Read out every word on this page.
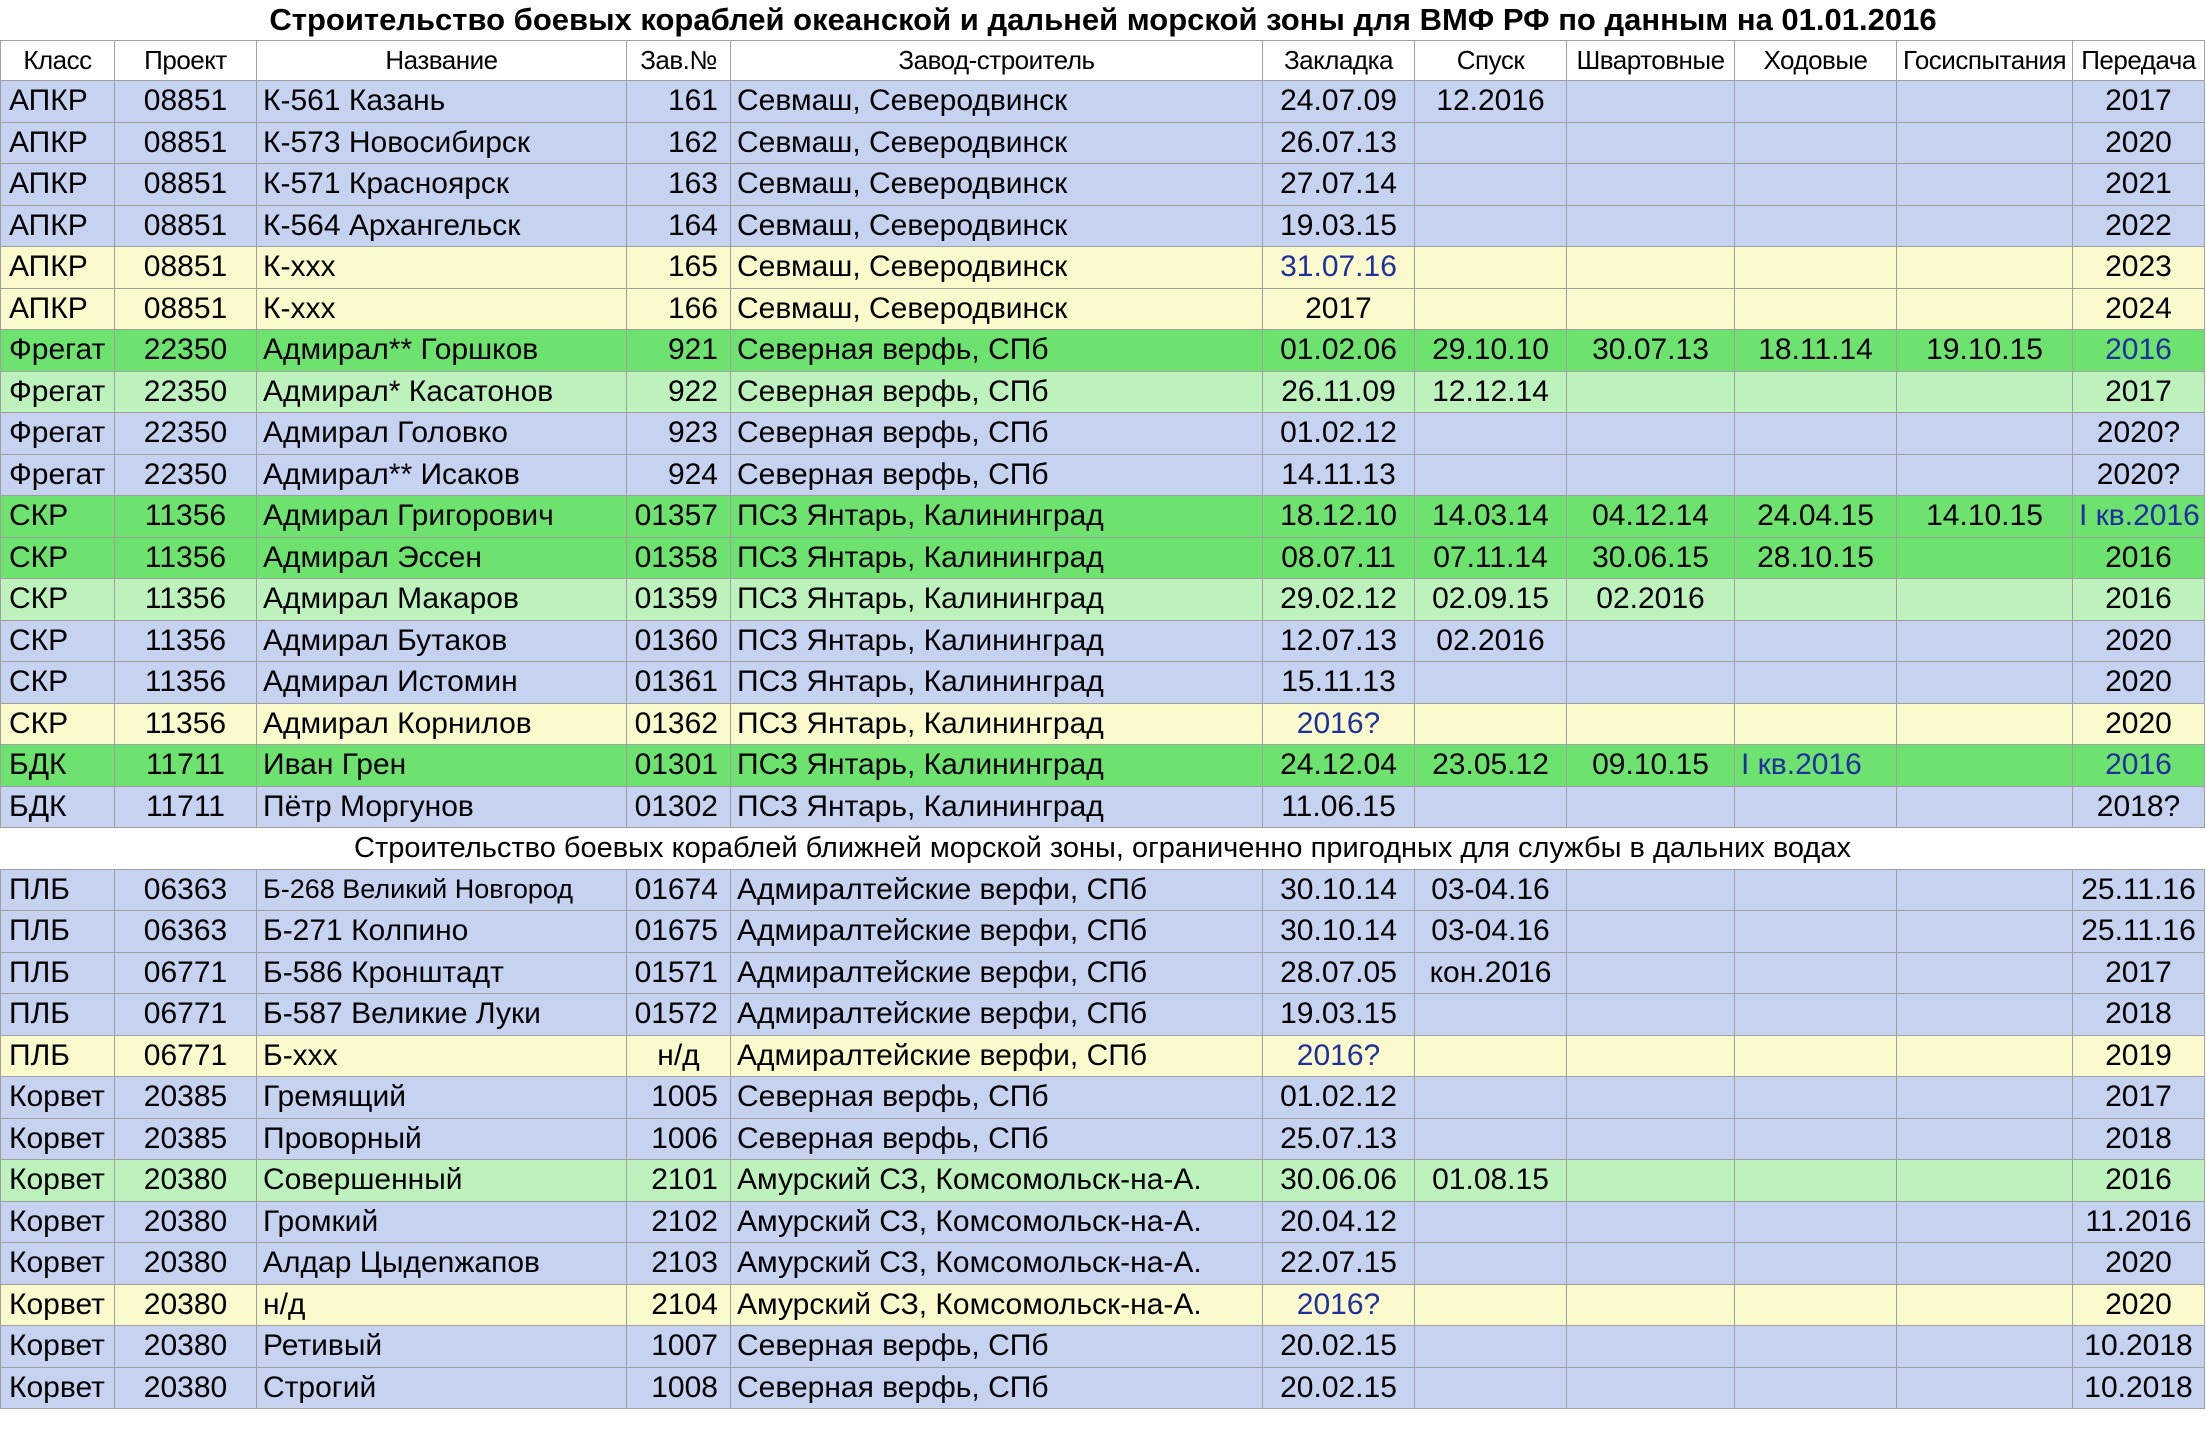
Строительство боевых кораблей океанской и дальней морской зоны для ВМФ РФ по данным на 01.01.2016
Класс	Проект	Название	Зав.№	Завод-строитель	Закладка	Спуск	Швартовные	Ходовые	Госиспытания	Передача
АПКР	08851	К-561 Казань	161	Севмаш, Северодвинск	24.07.09	12.2016				2017
АПКР	08851	К-573 Новосибирск	162	Севмаш, Северодвинск	26.07.13					2020
АПКР	08851	К-571 Красноярск	163	Севмаш, Северодвинск	27.07.14					2021
АПКР	08851	К-564 Архангельск	164	Севмаш, Северодвинск	19.03.15					2022
АПКР	08851	К-ххх	165	Севмаш, Северодвинск	31.07.16					2023
АПКР	08851	К-ххх	166	Севмаш, Северодвинск	2017					2024
Фрегат	22350	Адмирал** Горшков	921	Северная верфь, СПб	01.02.06	29.10.10	30.07.13	18.11.14	19.10.15	2016
Фрегат	22350	Адмирал* Касатонов	922	Северная верфь, СПб	26.11.09	12.12.14				2017
Фрегат	22350	Адмирал Головко	923	Северная верфь, СПб	01.02.12					2020?
Фрегат	22350	Адмирал** Исаков	924	Северная верфь, СПб	14.11.13					2020?
СКР	11356	Адмирал Григорович	01357	ПСЗ Янтарь, Калининград	18.12.10	14.03.14	04.12.14	24.04.15	14.10.15	I кв.2016
СКР	11356	Адмирал Эссен	01358	ПСЗ Янтарь, Калининград	08.07.11	07.11.14	30.06.15	28.10.15		2016
СКР	11356	Адмирал Макаров	01359	ПСЗ Янтарь, Калининград	29.02.12	02.09.15	02.2016			2016
СКР	11356	Адмирал Бутаков	01360	ПСЗ Янтарь, Калининград	12.07.13	02.2016				2020
СКР	11356	Адмирал Истомин	01361	ПСЗ Янтарь, Калининград	15.11.13					2020
СКР	11356	Адмирал Корнилов	01362	ПСЗ Янтарь, Калининград	2016?					2020
БДК	11711	Иван Грен	01301	ПСЗ Янтарь, Калининград	24.12.04	23.05.12	09.10.15	I кв.2016		2016
БДК	11711	Пётр Моргунов	01302	ПСЗ Янтарь, Калининград	11.06.15					2018?
Строительство боевых кораблей ближней морской зоны, ограниченно пригодных для службы в дальних водах										
ПЛБ	06363	Б-268 Великий Новгород	01674	Адмиралтейские верфи, СПб	30.10.14	03-04.16				25.11.16
ПЛБ	06363	Б-271 Колпино	01675	Адмиралтейские верфи, СПб	30.10.14	03-04.16				25.11.16
ПЛБ	06771	Б-586 Кронштадт	01571	Адмиралтейские верфи, СПб	28.07.05	кон.2016				2017
ПЛБ	06771	Б-587 Великие Луки	01572	Адмиралтейские верфи, СПб	19.03.15					2018
ПЛБ	06771	Б-ххх	н/д	Адмиралтейские верфи, СПб	2016?					2019
Корвет	20385	Гремящий	1005	Северная верфь, СПб	01.02.12					2017
Корвет	20385	Проворный	1006	Северная верфь, СПб	25.07.13					2018
Корвет	20380	Совершенный	2101	Амурский СЗ, Комсомольск-на-А.	30.06.06	01.08.15				2016
Корвет	20380	Громкий	2102	Амурский СЗ, Комсомольск-на-А.	20.04.12					11.2016
Корвет	20380	Алдар Цыдenжапов	2103	Амурский СЗ, Комсомольск-на-А.	22.07.15					2020
Корвет	20380	н/д	2104	Амурский СЗ, Комсомольск-на-А.	2016?					2020
Корвет	20380	Ретивый	1007	Северная верфь, СПб	20.02.15					10.2018
Корвет	20380	Строгий	1008	Северная верфь, СПб	20.02.15					10.2018
